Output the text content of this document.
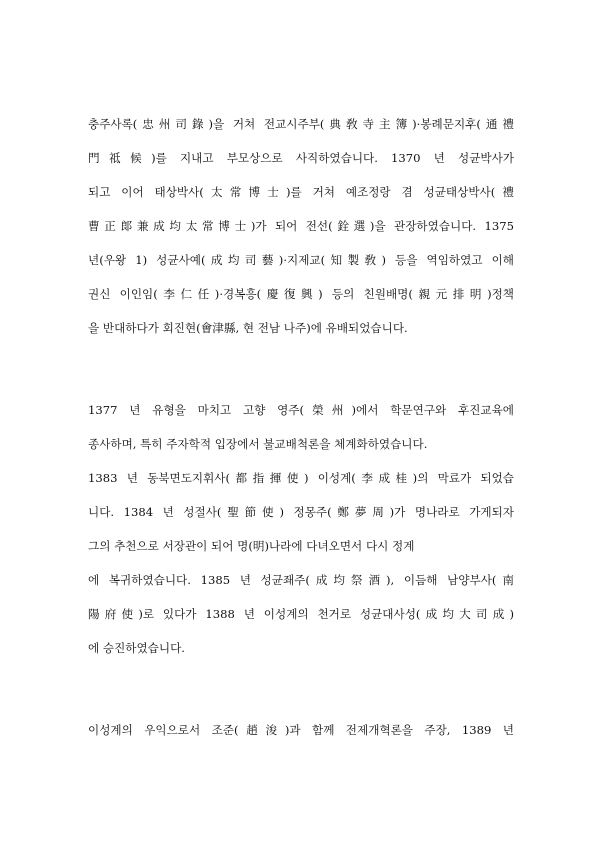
충주사록(忠州司錄)을 거쳐 전교시주부(典敎寺主簿)·봉례문지후(通禮
門祗候)를 지내고 부모상으로 사직하였습니다. 1370 년 성균박사가
되고 이어 태상박사(太常博士)를 거쳐 예조정랑 겸 성균태상박사(禮
曹正郞兼成均太常博士)가 되어 전선(銓選)을 관장하였습니다. 1375
년(우왕 1) 성균사예(成均司藝)·지제교(知製敎) 등을 역임하였고 이해
권신 이인임(李仁任)·경복흥(慶復興) 등의 친원배명(親元排明)정책
을 반대하다가 회진현(會津縣, 현 전남 나주)에 유배되었습니다.
1377 년 유형을 마치고 고향 영주(榮州)에서 학문연구와 후진교육에
종사하며, 특히 주자학적 입장에서 불교배척론을 체계화하였습니다.
1383 년 동북면도지휘사(都指揮使) 이성계(李成桂)의 막료가 되었습
니다. 1384 년 성절사(聖節使) 정몽주(鄭夢周)가 명나라로 가게되자
그의 추천으로 서장관이 되어 명(明)나라에 다녀오면서 다시 정계
에 복귀하였습니다. 1385 년 성균좨주(成均祭酒), 이듬해 남양부사(南
陽府使)로 있다가 1388 년 이성계의 천거로 성균대사성(成均大司成)
에 승진하였습니다.
이성계의 우익으로서 조준(趙浚)과 함께 전제개혁론을 주장, 1389 년
